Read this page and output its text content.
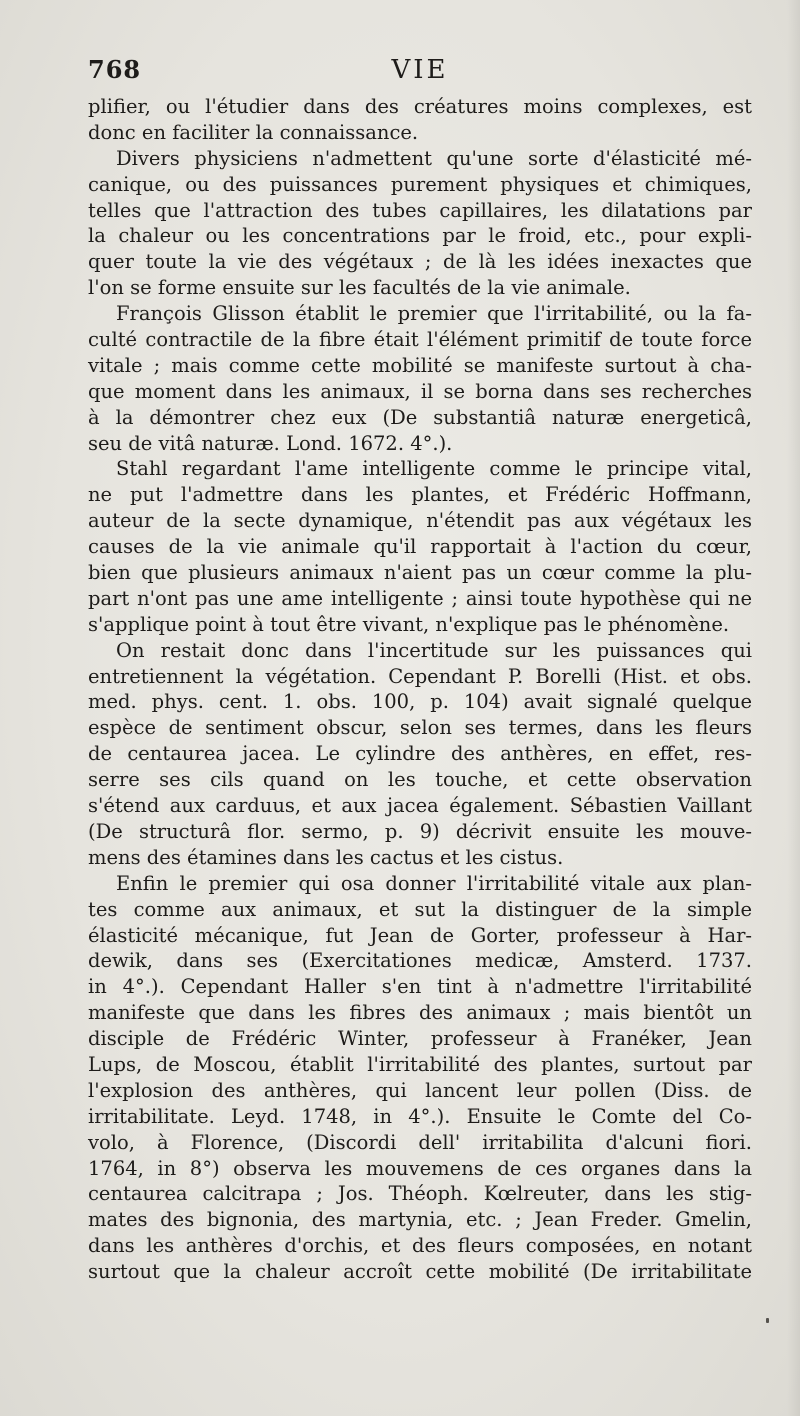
768	VIE
plifier, ou l'étudier dans des créatures moins complexes, est
donc en faciliter la connaissance.
Divers physiciens n'admettent qu'une sorte d'élasticité mé-
canique, ou des puissances purement physiques et chimiques,
telles que l'attraction des tubes capillaires, les dilatations par
la chaleur ou les concentrations par le froid, etc., pour expli-
quer toute la vie des végétaux ; de là les idées inexactes que
l'on se forme ensuite sur les facultés de la vie animale.
François Glisson établit le premier que l'irritabilité, ou la fa-
culté contractile de la fibre était l'élément primitif de toute force
vitale ; mais comme cette mobilité se manifeste surtout à cha-
que moment dans les animaux, il se borna dans ses recherches
à la démontrer chez eux (De substantiâ naturæ energeticâ,
seu de vitâ naturæ. Lond. 1672. 4°.).
Stahl regardant l'ame intelligente comme le principe vital,
ne put l'admettre dans les plantes, et Frédéric Hoffmann,
auteur de la secte dynamique, n'étendit pas aux végétaux les
causes de la vie animale qu'il rapportait à l'action du cœur,
bien que plusieurs animaux n'aient pas un cœur comme la plu-
part n'ont pas une ame intelligente ; ainsi toute hypothèse qui ne
s'applique point à tout être vivant, n'explique pas le phénomène.
On restait donc dans l'incertitude sur les puissances qui
entretiennent la végétation. Cependant P. Borelli (Hist. et obs.
med. phys. cent. 1. obs. 100, p. 104) avait signalé quelque
espèce de sentiment obscur, selon ses termes, dans les fleurs
de centaurea jacea. Le cylindre des anthères, en effet, res-
serre ses cils quand on les touche, et cette observation
s'étend aux carduus, et aux jacea également. Sébastien Vaillant
(De structurâ flor. sermo, p. 9) décrivit ensuite les mouve-
mens des étamines dans les cactus et les cistus.
Enfin le premier qui osa donner l'irritabilité vitale aux plan-
tes comme aux animaux, et sut la distinguer de la simple
élasticité mécanique, fut Jean de Gorter, professeur à Har-
dewik, dans ses (Exercitationes medicæ, Amsterd. 1737.
in 4°.). Cependant Haller s'en tint à n'admettre l'irritabilité
manifeste que dans les fibres des animaux ; mais bientôt un
disciple de Frédéric Winter, professeur à Franéker, Jean
Lups, de Moscou, établit l'irritabilité des plantes, surtout par
l'explosion des anthères, qui lancent leur pollen (Diss. de
irritabilitate. Leyd. 1748, in 4°.). Ensuite le Comte del Co-
volo, à Florence, (Discordi dell' irritabilita d'alcuni fiori.
1764, in 8°) observa les mouvemens de ces organes dans la
centaurea calcitrapa ; Jos. Théoph. Kœlreuter, dans les stig-
mates des bignonia, des martynia, etc. ; Jean Freder. Gmelin,
dans les anthères d'orchis, et des fleurs composées, en notant
surtout que la chaleur accroît cette mobilité (De irritabilitate
